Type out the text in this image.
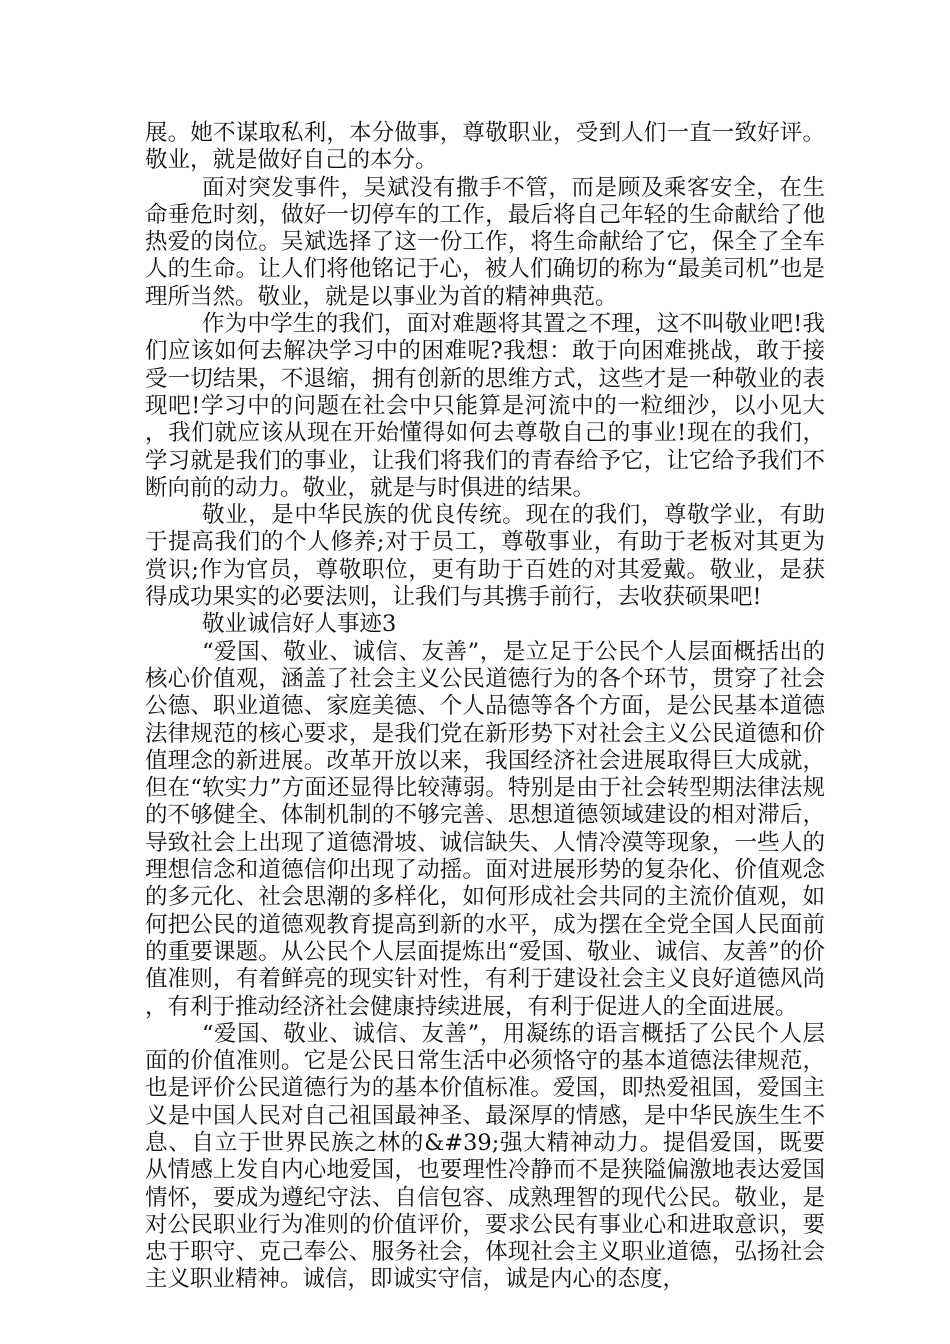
展。她不谋取私利，本分做事，尊敬职业，受到人们一直一致好评。敬业，就是做好自己的本分。

面对突发事件，吴斌没有撒手不管，而是顾及乘客安全，在生命垂危时刻，做好一切停车的工作，最后将自己年轻的生命献给了他热爱的岗位。吴斌选择了这一份工作，将生命献给了它，保全了全车人的生命。让人们将他铭记于心，被人们确切的称为“最美司机”也是理所当然。敬业，就是以事业为首的精神典范。

作为中学生的我们，面对难题将其置之不理，这不叫敬业吧!我们应该如何去解决学习中的困难呢?我想：敢于向困难挑战，敢于接受一切结果，不退缩，拥有创新的思维方式，这些才是一种敬业的表现吧!学习中的问题在社会中只能算是河流中的一粒细沙，以小见大，我们就应该从现在开始懂得如何去尊敬自己的事业!现在的我们，学习就是我们的事业，让我们将我们的青春给予它，让它给予我们不断向前的动力。敬业，就是与时俱进的结果。

敬业，是中华民族的优良传统。现在的我们，尊敬学业，有助于提高我们的个人修养;对于员工，尊敬事业，有助于老板对其更为赏识;作为官员，尊敬职位，更有助于百姓的对其爱戴。敬业，是获得成功果实的必要法则，让我们与其携手前行，去收获硕果吧!

敬业诚信好人事迹3

“爱国、敬业、诚信、友善”，是立足于公民个人层面概括出的核心价值观，涵盖了社会主义公民道德行为的各个环节，贯穿了社会公德、职业道德、家庭美德、个人品德等各个方面，是公民基本道德法律规范的核心要求，是我们党在新形势下对社会主义公民道德和价值理念的新进展。改革开放以来，我国经济社会进展取得巨大成就，但在“软实力”方面还显得比较薄弱。特别是由于社会转型期法律法规的不够健全、体制机制的不够完善、思想道德领域建设的相对滞后，导致社会上出现了道德滑坡、诚信缺失、人情冷漠等现象，一些人的理想信念和道德信仰出现了动摇。面对进展形势的复杂化、价值观念的多元化、社会思潮的多样化，如何形成社会共同的主流价值观，如何把公民的道德观教育提高到新的水平，成为摆在全党全国人民面前的重要课题。从公民个人层面提炼出“爱国、敬业、诚信、友善”的价值准则，有着鲜亮的现实针对性，有利于建设社会主义良好道德风尚，有利于推动经济社会健康持续进展，有利于促进人的全面进展。

“爱国、敬业、诚信、友善”，用凝练的语言概括了公民个人层面的价值准则。它是公民日常生活中必须恪守的基本道德法律规范，也是评价公民道德行为的基本价值标准。爱国，即热爱祖国，爱国主义是中国人民对自己祖国最神圣、最深厚的情感，是中华民族生生不息、自立于世界民族之林的&#39;强大精神动力。提倡爱国，既要从情感上发自内心地爱国，也要理性冷静而不是狭隘偏激地表达爱国情怀，要成为遵纪守法、自信包容、成熟理智的现代公民。敬业，是对公民职业行为准则的价值评价，要求公民有事业心和进取意识，要忠于职守、克己奉公、服务社会，体现社会主义职业道德，弘扬社会主义职业精神。诚信，即诚实守信，诚是内心的态度，
